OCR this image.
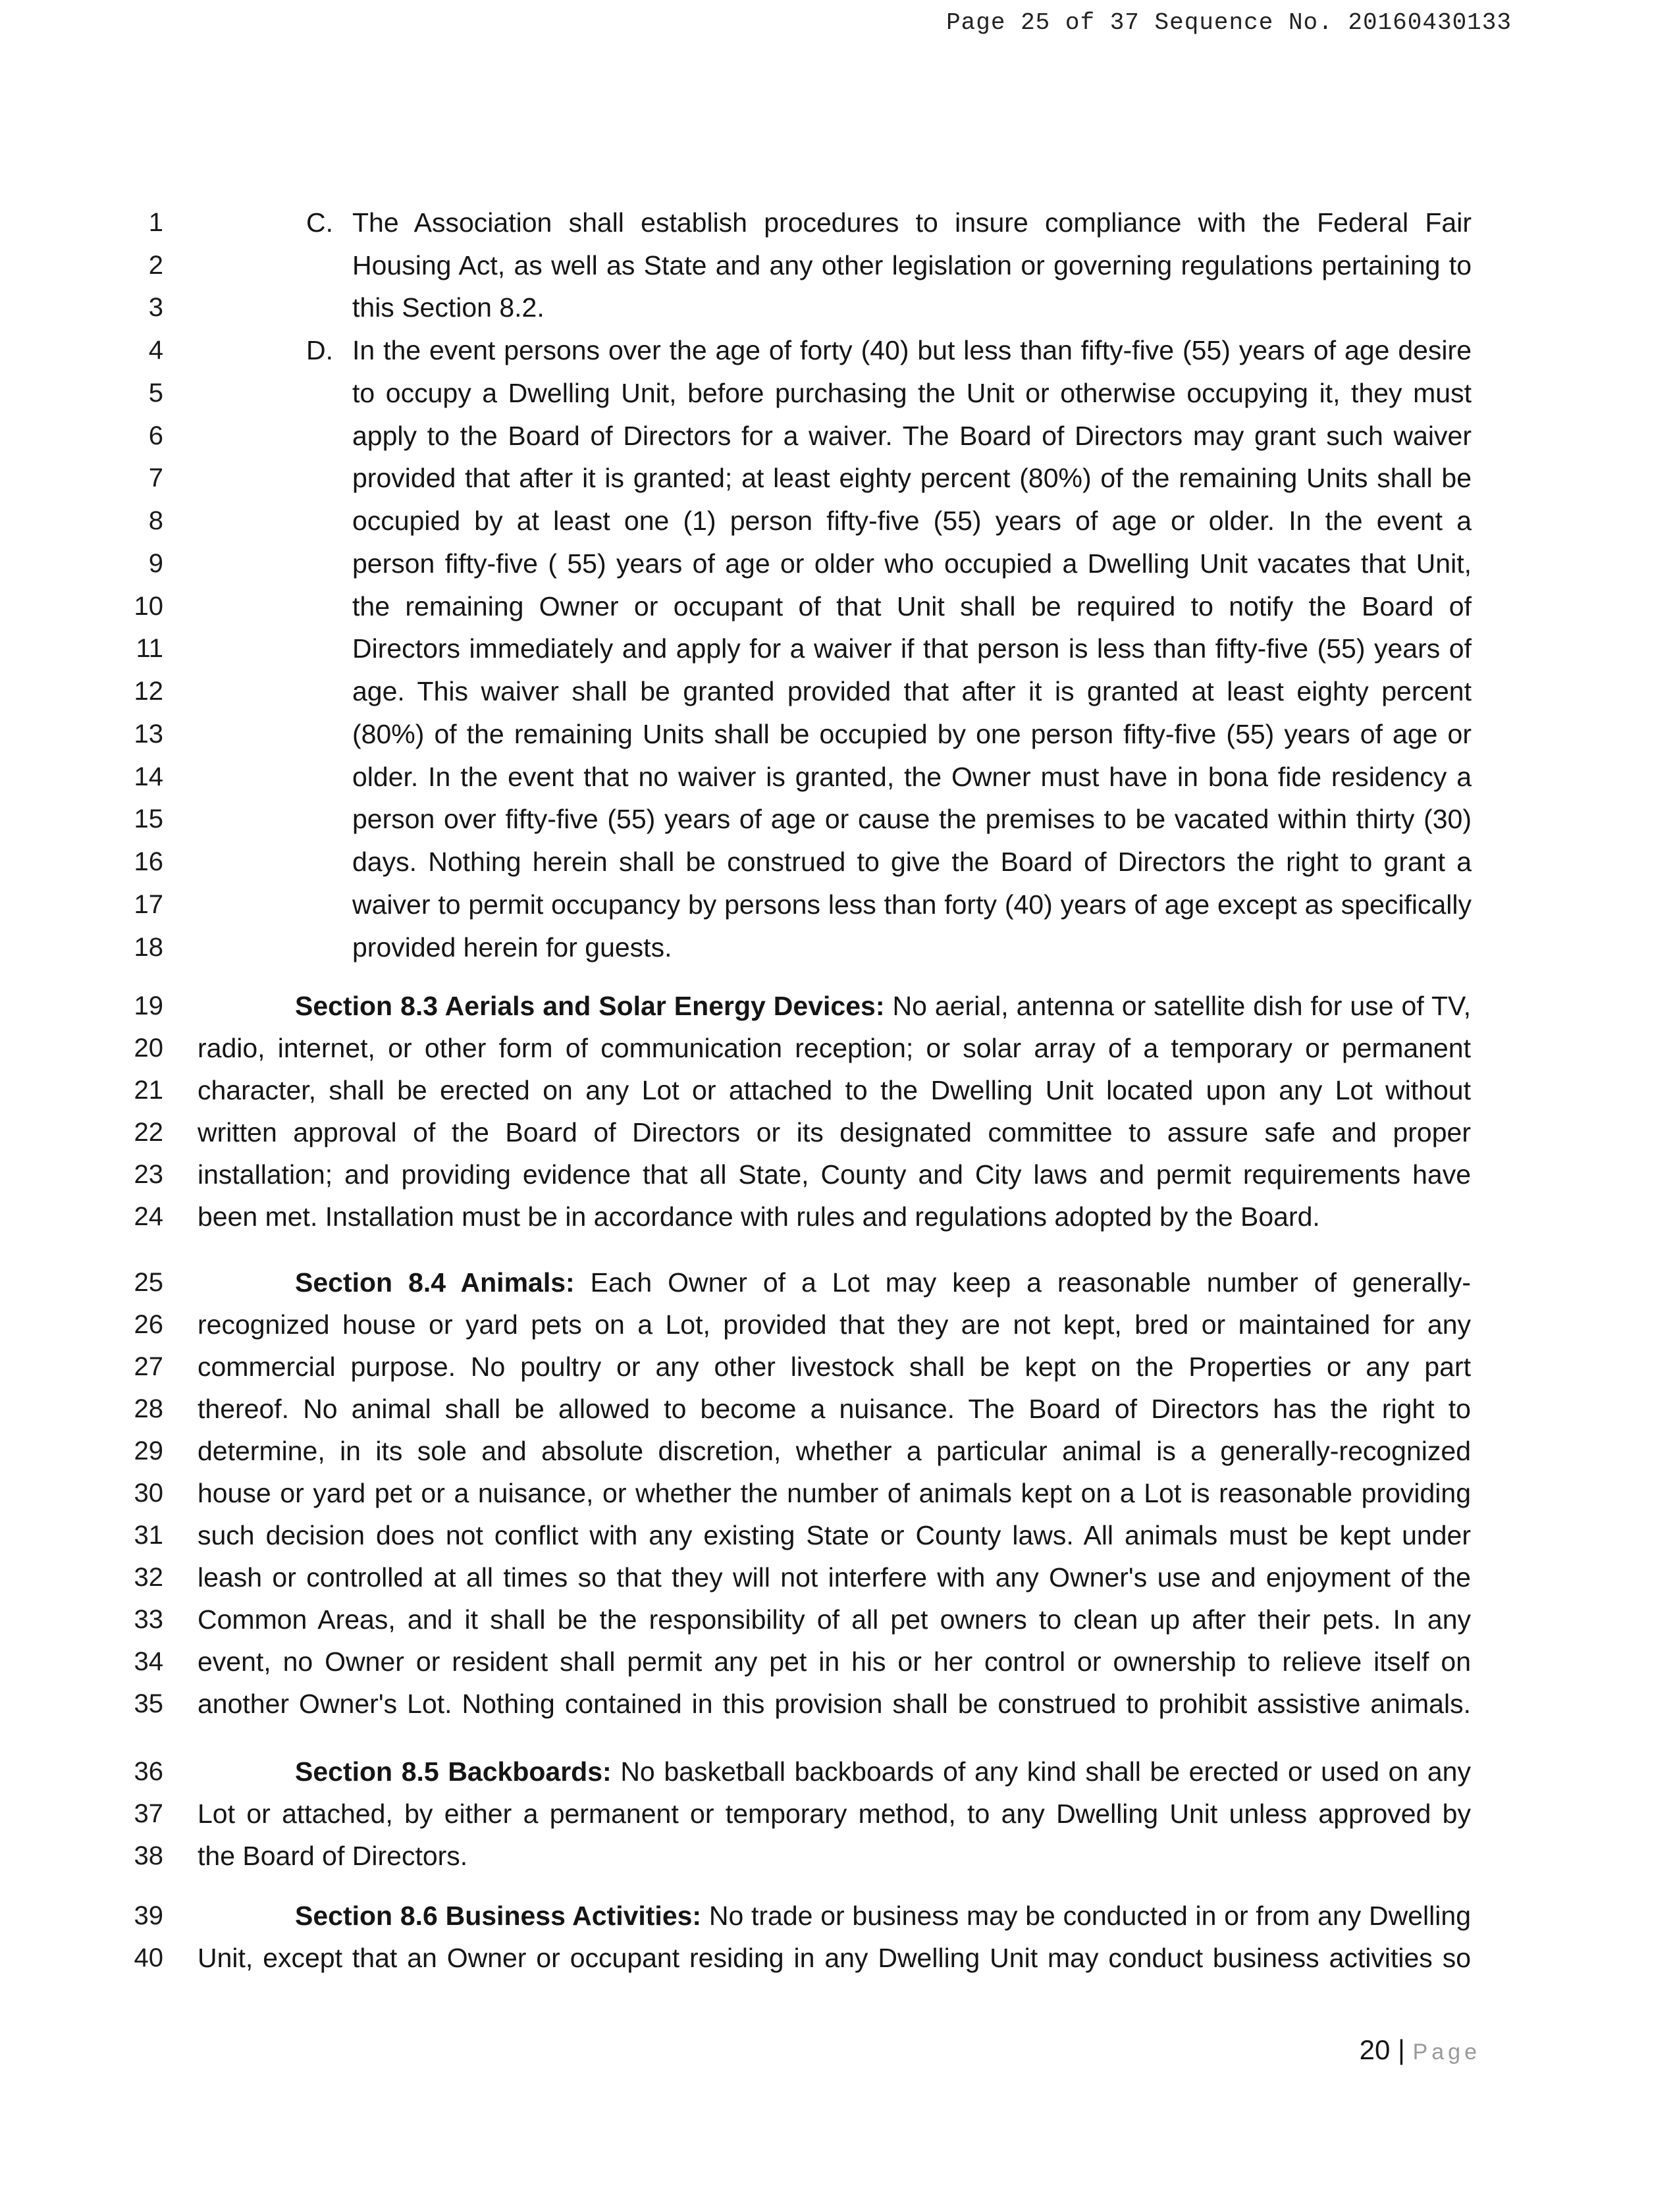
Page 25 of 37 Sequence No. 20160430133
1
2
3
4
5
6
7
8
9
10
11
12
13
14
15
16
17
18
19
20
21
22
23
24
25
26
27
28
29
30
31
32
33
34
35
36
37
38
39
40
C. The Association shall establish procedures to insure compliance with the Federal Fair
Housing Act, as well as State and any other legislation or governing regulations pertaining to
this Section 8.2.
D. In the event persons over the age of forty (40) but less than fifty-five (55) years of age desire
to occupy a Dwelling Unit, before purchasing the Unit or otherwise occupying it, they must
apply to the Board of Directors for a waiver. The Board of Directors may grant such waiver
provided that after it is granted; at least eighty percent (80%) of the remaining Units shall be
occupied by at least one (1) person fifty-five (55) years of age or older. In the event a
person fifty-five ( 55) years of age or older who occupied a Dwelling Unit vacates that Unit,
the remaining Owner or occupant of that Unit shall be required to notify the Board of
Directors immediately and apply for a waiver if that person is less than fifty-five (55) years of
age. This waiver shall be granted provided that after it is granted at least eighty percent
(80%) of the remaining Units shall be occupied by one person fifty-five (55) years of age or
older. In the event that no waiver is granted, the Owner must have in bona fide residency a
person over fifty-five (55) years of age or cause the premises to be vacated within thirty (30)
days. Nothing herein shall be construed to give the Board of Directors the right to grant a
waiver to permit occupancy by persons less than forty (40) years of age except as specifically
provided herein for guests.
Section 8.3 Aerials and Solar Energy Devices: No aerial, antenna or satellite dish for use of TV,
radio, internet, or other form of communication reception; or solar array of a temporary or permanent
character, shall be erected on any Lot or attached to the Dwelling Unit located upon any Lot without
written approval of the Board of Directors or its designated committee to assure safe and proper
installation; and providing evidence that all State, County and City laws and permit requirements have
been met. Installation must be in accordance with rules and regulations adopted by the Board.
Section 8.4 Animals: Each Owner of a Lot may keep a reasonable number of generally-
recognized house or yard pets on a Lot, provided that they are not kept, bred or maintained for any
commercial purpose. No poultry or any other livestock shall be kept on the Properties or any part
thereof. No animal shall be allowed to become a nuisance. The Board of Directors has the right to
determine, in its sole and absolute discretion, whether a particular animal is a generally-recognized
house or yard pet or a nuisance, or whether the number of animals kept on a Lot is reasonable providing
such decision does not conflict with any existing State or County laws. All animals must be kept under
leash or controlled at all times so that they will not interfere with any Owner's use and enjoyment of the
Common Areas, and it shall be the responsibility of all pet owners to clean up after their pets. In any
event, no Owner or resident shall permit any pet in his or her control or ownership to relieve itself on
another Owner's Lot. Nothing contained in this provision shall be construed to prohibit assistive animals.
Section 8.5 Backboards: No basketball backboards of any kind shall be erected or used on any
Lot or attached, by either a permanent or temporary method, to any Dwelling Unit unless approved by
the Board of Directors.
Section 8.6 Business Activities: No trade or business may be conducted in or from any Dwelling
Unit, except that an Owner or occupant residing in any Dwelling Unit may conduct business activities so
20 | Page
